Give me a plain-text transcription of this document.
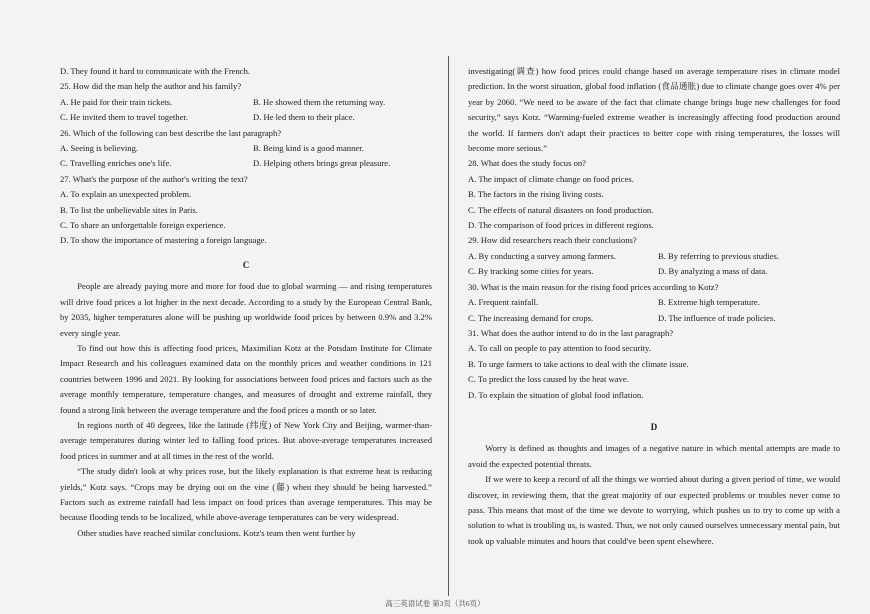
D. They found it hard to communicate with the French.
25. How did the man help the author and his family?
A. He paid for their train tickets.	B. He showed them the returning way.
C. He invited them to travel together.	D. He led them to their place.
26. Which of the following can best describe the last paragraph?
A. Seeing is believing.	B. Being kind is a good manner.
C. Travelling enriches one's life.	D. Helping others brings great pleasure.
27. What's the purpose of the author's writing the text?
A. To explain an unexpected problem.
B. To list the unbelievable sites in Paris.
C. To share an unforgettable foreign experience.
D. To show the importance of mastering a foreign language.
C

People are already paying more and more for food due to global warming — and rising temperatures will drive food prices a lot higher in the next decade. According to a study by the European Central Bank, by 2035, higher temperatures alone will be pushing up worldwide food prices by between 0.9% and 3.2% every single year.

To find out how this is affecting food prices, Maximilian Kotz at the Potsdam Institute for Climate Impact Research and his colleagues examined data on the monthly prices and weather conditions in 121 countries between 1996 and 2021. By looking for associations between food prices and factors such as the average monthly temperature, temperature changes, and measures of drought and extreme rainfall, they found a strong link between the average temperature and the food prices a month or so later.

In regions north of 40 degrees, like the latitude (纬度) of New York City and Beijing, warmer-than-average temperatures during winter led to falling food prices. But above-average temperatures increased food prices in summer and at all times in the rest of the world.

“The study didn't look at why prices rose, but the likely explanation is that extreme heat is reducing yields,” Kotz says. “Crops may be drying out on the vine (藤) when they should be being harvested.” Factors such as extreme rainfall had less impact on food prices than average temperatures. This may be because flooding tends to be localized, while above-average temperatures can be very widespread.

Other studies have reached similar conclusions. Kotz's team then went further by

investigating(调查) how food prices could change based on average temperature rises in climate model prediction. In the worst situation, global food inflation (食品通胀) due to climate change goes over 4% per year by 2060. “We need to be aware of the fact that climate change brings huge new challenges for food security,” says Kotz. “Warming-fueled extreme weather is increasingly affecting food production around the world. If farmers don't adapt their practices to better cope with rising temperatures, the losses will become more serious.”

28. What does the study focus on?
A. The impact of climate change on food prices.
B. The factors in the rising living costs.
C. The effects of natural disasters on food production.
D. The comparison of food prices in different regions.
29. How did researchers reach their conclusions?
A. By conducting a survey among farmers.	B. By referring to previous studies.
C. By tracking some cities for years.	D. By analyzing a mass of data.
30. What is the main reason for the rising food prices according to Kotz?
A. Frequent rainfall.	B. Extreme high temperature.
C. The increasing demand for crops.	D. The influence of trade policies.
31. What does the author intend to do in the last paragraph?
A. To call on people to pay attention to food security.
B. To urge farmers to take actions to deal with the climate issue.
C. To predict the loss caused by the heat wave.
D. To explain the situation of global food inflation.
D

Worry is defined as thoughts and images of a negative nature in which mental attempts are made to avoid the expected potential threats.

If we were to keep a record of all the things we worried about during a given period of time, we would discover, in reviewing them, that the great majority of our expected problems or troubles never come to pass. This means that most of the time we devote to worrying, which pushes us to try to come up with a solution to what is troubling us, is wasted. Thus, we not only caused ourselves unnecessary mental pain, but took up valuable minutes and hours that could've been spent elsewhere.

高三英语试卷 第3页（共6页）
